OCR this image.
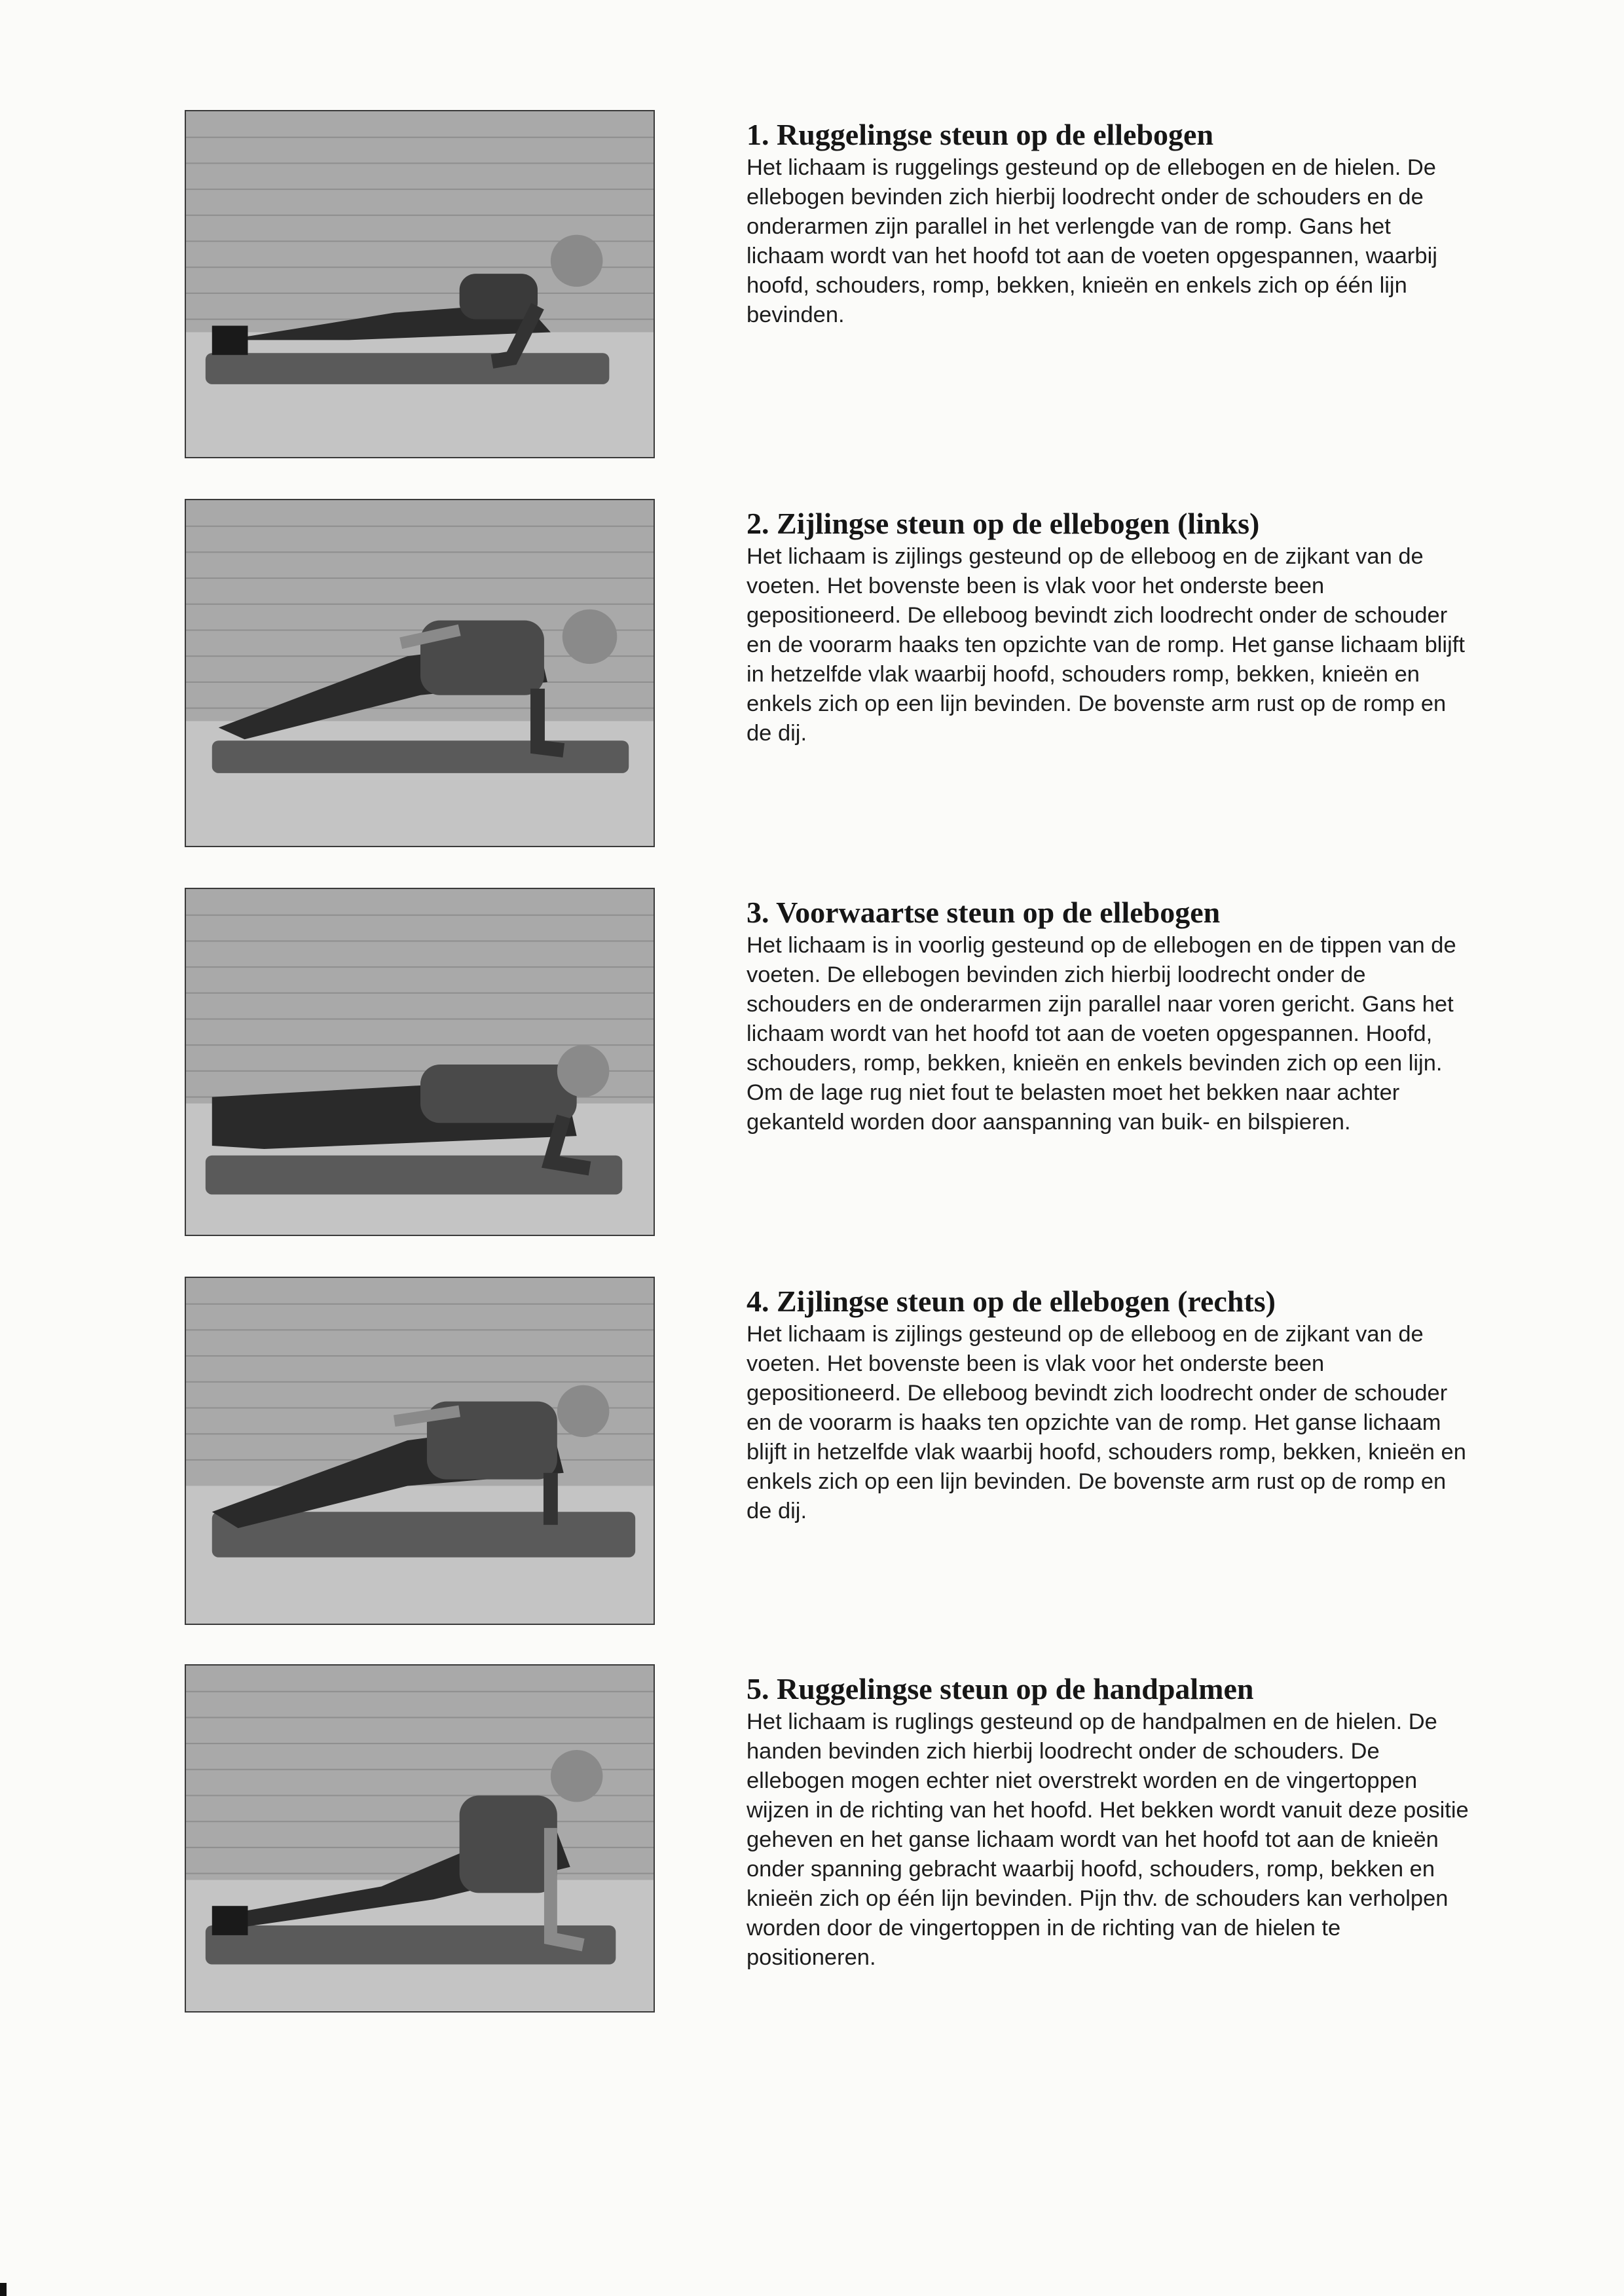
1. Ruggelingse steun op de ellebogen

Het lichaam is ruggelings gesteund op de ellebogen en de hielen. De ellebogen bevinden zich hierbij loodrecht onder de schouders en de onderarmen zijn parallel in het verlengde van de romp. Gans het lichaam wordt van het hoofd tot aan de voeten opgespannen, waarbij hoofd, schouders, romp, bekken, knieën en enkels zich op één lijn bevinden.

2. Zijlingse steun op de ellebogen (links)

Het lichaam is zijlings gesteund op de elleboog en de zijkant van de voeten. Het bovenste been is vlak voor het onderste been gepositioneerd. De elleboog bevindt zich loodrecht onder de schouder en de voorarm haaks ten opzichte van de romp. Het ganse lichaam blijft in hetzelfde vlak waarbij hoofd, schouders romp, bekken, knieën en enkels zich op een lijn bevinden. De bovenste arm rust op de romp en de dij.

3. Voorwaartse steun op de ellebogen

Het lichaam is in voorlig gesteund op de ellebogen en de tippen van de voeten. De ellebogen bevinden zich hierbij loodrecht onder de schouders en de onderarmen zijn parallel naar voren gericht. Gans het lichaam wordt van het hoofd tot aan de voeten opgespannen. Hoofd, schouders, romp, bekken, knieën en enkels bevinden zich op een lijn. Om de lage rug niet fout te belasten moet het bekken naar achter gekanteld worden door aanspanning van buik- en bilspieren.

4. Zijlingse steun op de ellebogen (rechts)

Het lichaam is zijlings gesteund op de elleboog en de zijkant van de voeten. Het bovenste been is vlak voor het onderste been gepositioneerd. De elleboog bevindt zich loodrecht onder de schouder en de voorarm is haaks ten opzichte van de romp. Het ganse lichaam blijft in hetzelfde vlak waarbij hoofd, schouders romp, bekken, knieën en enkels zich op een lijn bevinden. De bovenste arm rust op de romp en de dij.

5. Ruggelingse steun op de handpalmen

Het lichaam is ruglings gesteund op de handpalmen en de hielen. De handen bevinden zich hierbij loodrecht onder de schouders. De ellebogen mogen echter niet overstrekt worden en de vingertoppen wijzen in de richting van het hoofd. Het bekken wordt vanuit deze positie geheven en het ganse lichaam wordt van het hoofd tot aan de knieën onder spanning gebracht waarbij hoofd, schouders, romp, bekken en knieën zich op één lijn bevinden. Pijn thv. de schouders kan verholpen worden door de vingertoppen in de richting van de hielen te positioneren.
